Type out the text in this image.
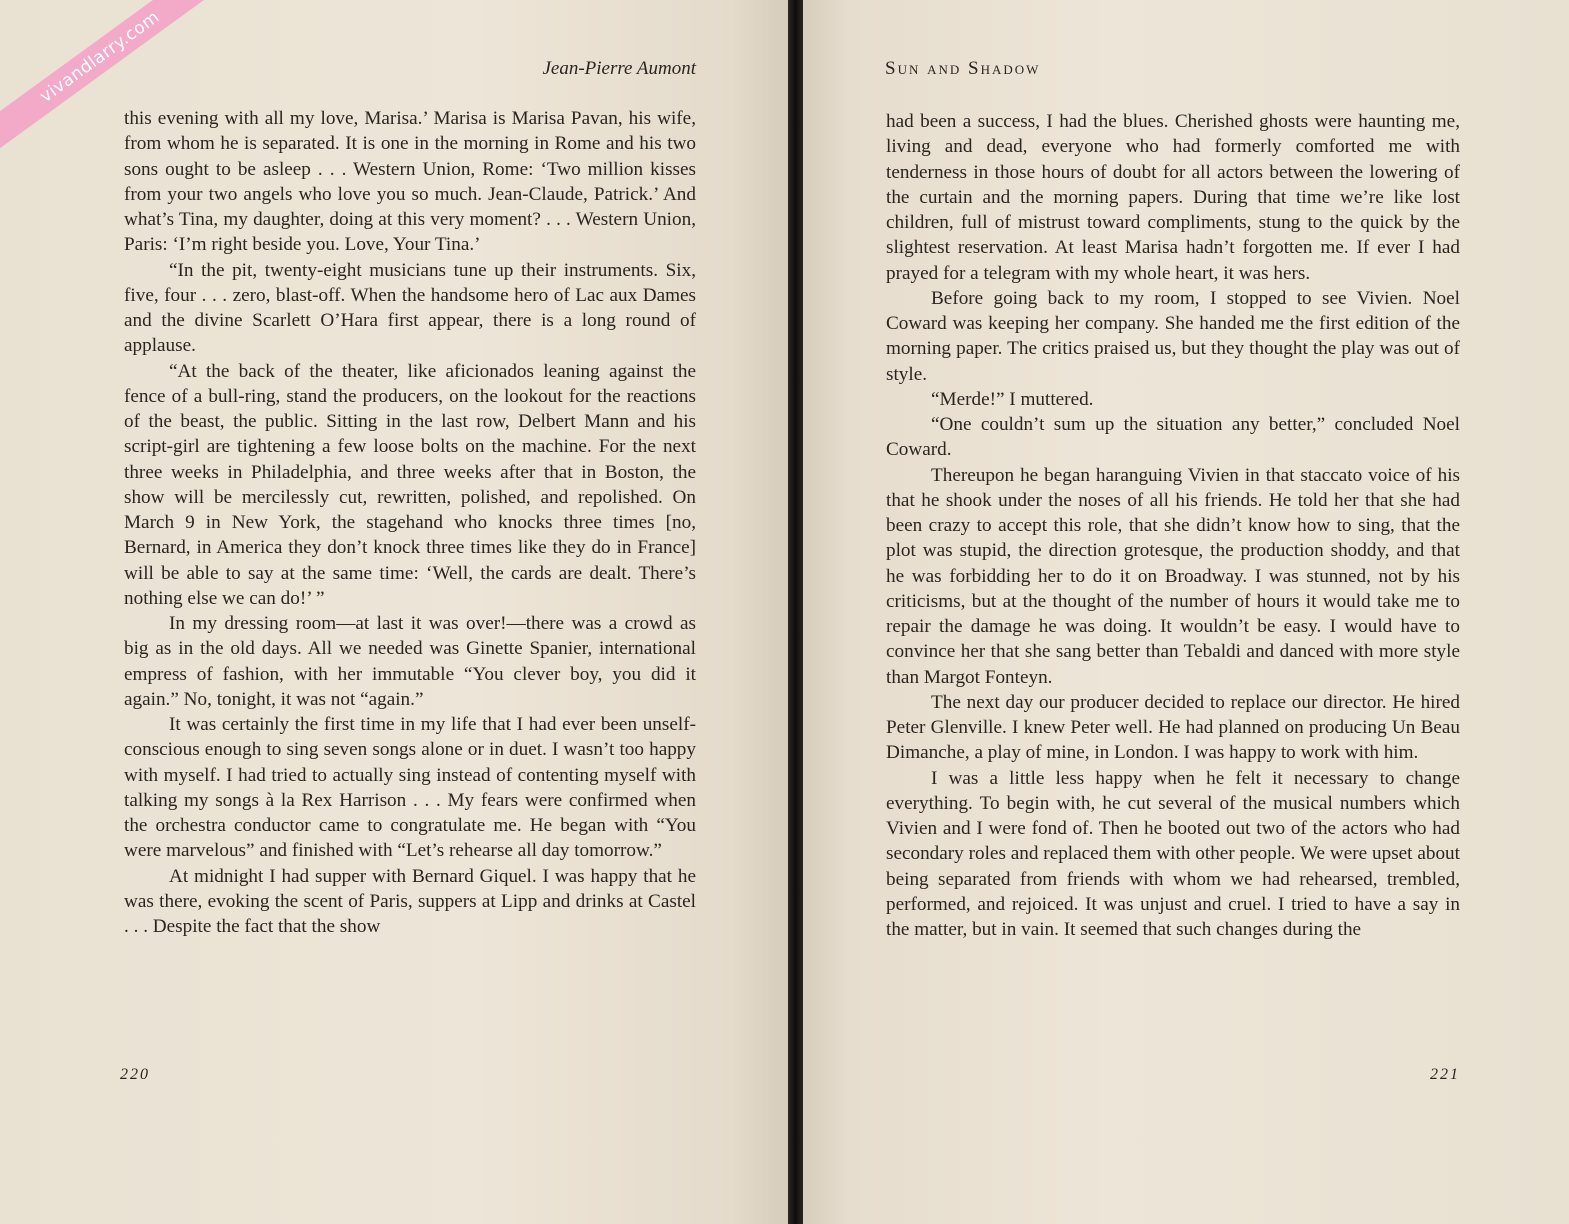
Jean-Pierre Aumont

this evening with all my love, Marisa.’ Marisa is Marisa Pavan, his wife, from whom he is separated. It is one in the morning in Rome and his two sons ought to be asleep . . . Western Union, Rome: ‘Two million kisses from your two angels who love you so much. Jean-Claude, Patrick.’ And what’s Tina, my daughter, doing at this very moment? . . . Western Union, Paris: ‘I’m right beside you. Love, Your Tina.’

“In the pit, twenty-eight musicians tune up their instruments. Six, five, four . . . zero, blast-off. When the handsome hero of Lac aux Dames and the divine Scarlett O’Hara first appear, there is a long round of applause.

“At the back of the theater, like aficionados leaning against the fence of a bull-ring, stand the producers, on the lookout for the reactions of the beast, the public. Sitting in the last row, Delbert Mann and his script-girl are tightening a few loose bolts on the machine. For the next three weeks in Philadelphia, and three weeks after that in Boston, the show will be mercilessly cut, rewritten, polished, and repolished. On March 9 in New York, the stagehand who knocks three times [no, Bernard, in America they don’t knock three times like they do in France] will be able to say at the same time: ‘Well, the cards are dealt. There’s nothing else we can do!’ ”

In my dressing room—at last it was over!—there was a crowd as big as in the old days. All we needed was Ginette Spanier, international empress of fashion, with her immutable “You clever boy, you did it again.” No, tonight, it was not “again.”

It was certainly the first time in my life that I had ever been unself-conscious enough to sing seven songs alone or in duet. I wasn’t too happy with myself. I had tried to actually sing instead of contenting myself with talking my songs à la Rex Harrison . . . My fears were confirmed when the orchestra conductor came to congratulate me. He began with “You were marvelous” and finished with “Let’s rehearse all day tomorrow.”

At midnight I had supper with Bernard Giquel. I was happy that he was there, evoking the scent of Paris, suppers at Lipp and drinks at Castel . . . Despite the fact that the show

220
Sun and Shadow

had been a success, I had the blues. Cherished ghosts were haunting me, living and dead, everyone who had formerly comforted me with tenderness in those hours of doubt for all actors between the lowering of the curtain and the morning papers. During that time we’re like lost children, full of mistrust toward compliments, stung to the quick by the slightest reservation. At least Marisa hadn’t forgotten me. If ever I had prayed for a telegram with my whole heart, it was hers.

Before going back to my room, I stopped to see Vivien. Noel Coward was keeping her company. She handed me the first edition of the morning paper. The critics praised us, but they thought the play was out of style.

“Merde!” I muttered.

“One couldn’t sum up the situation any better,” concluded Noel Coward.

Thereupon he began haranguing Vivien in that staccato voice of his that he shook under the noses of all his friends. He told her that she had been crazy to accept this role, that she didn’t know how to sing, that the plot was stupid, the direction grotesque, the production shoddy, and that he was forbidding her to do it on Broadway. I was stunned, not by his criticisms, but at the thought of the number of hours it would take me to repair the damage he was doing. It wouldn’t be easy. I would have to convince her that she sang better than Tebaldi and danced with more style than Margot Fonteyn.

The next day our producer decided to replace our director. He hired Peter Glenville. I knew Peter well. He had planned on producing Un Beau Dimanche, a play of mine, in London. I was happy to work with him.

I was a little less happy when he felt it necessary to change everything. To begin with, he cut several of the musical numbers which Vivien and I were fond of. Then he booted out two of the actors who had secondary roles and replaced them with other people. We were upset about being separated from friends with whom we had rehearsed, trembled, performed, and rejoiced. It was unjust and cruel. I tried to have a say in the matter, but in vain. It seemed that such changes during the

221
vivandlarry.com
